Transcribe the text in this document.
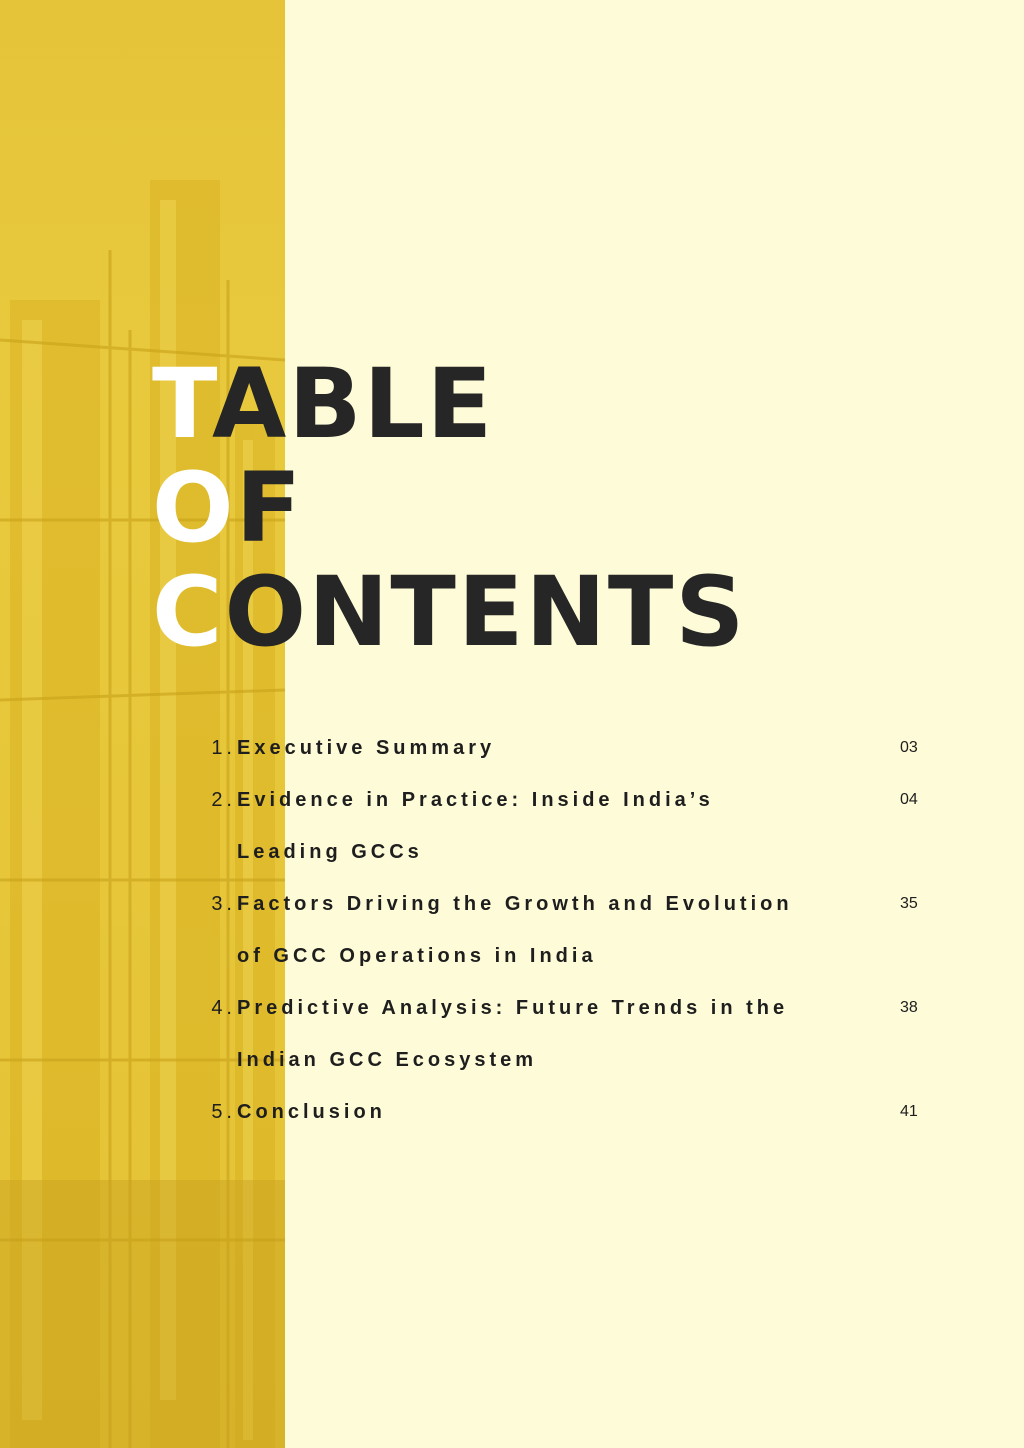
TABLE
OF
CONTENTS
1. Executive Summary	03
2. Evidence in Practice: Inside India’s Leading GCCs
04
3. Factors Driving the Growth and Evolution of GCC Operations in India
35
4. Predictive Analysis: Future Trends in the Indian GCC Ecosystem
38
5. Conclusion	41
